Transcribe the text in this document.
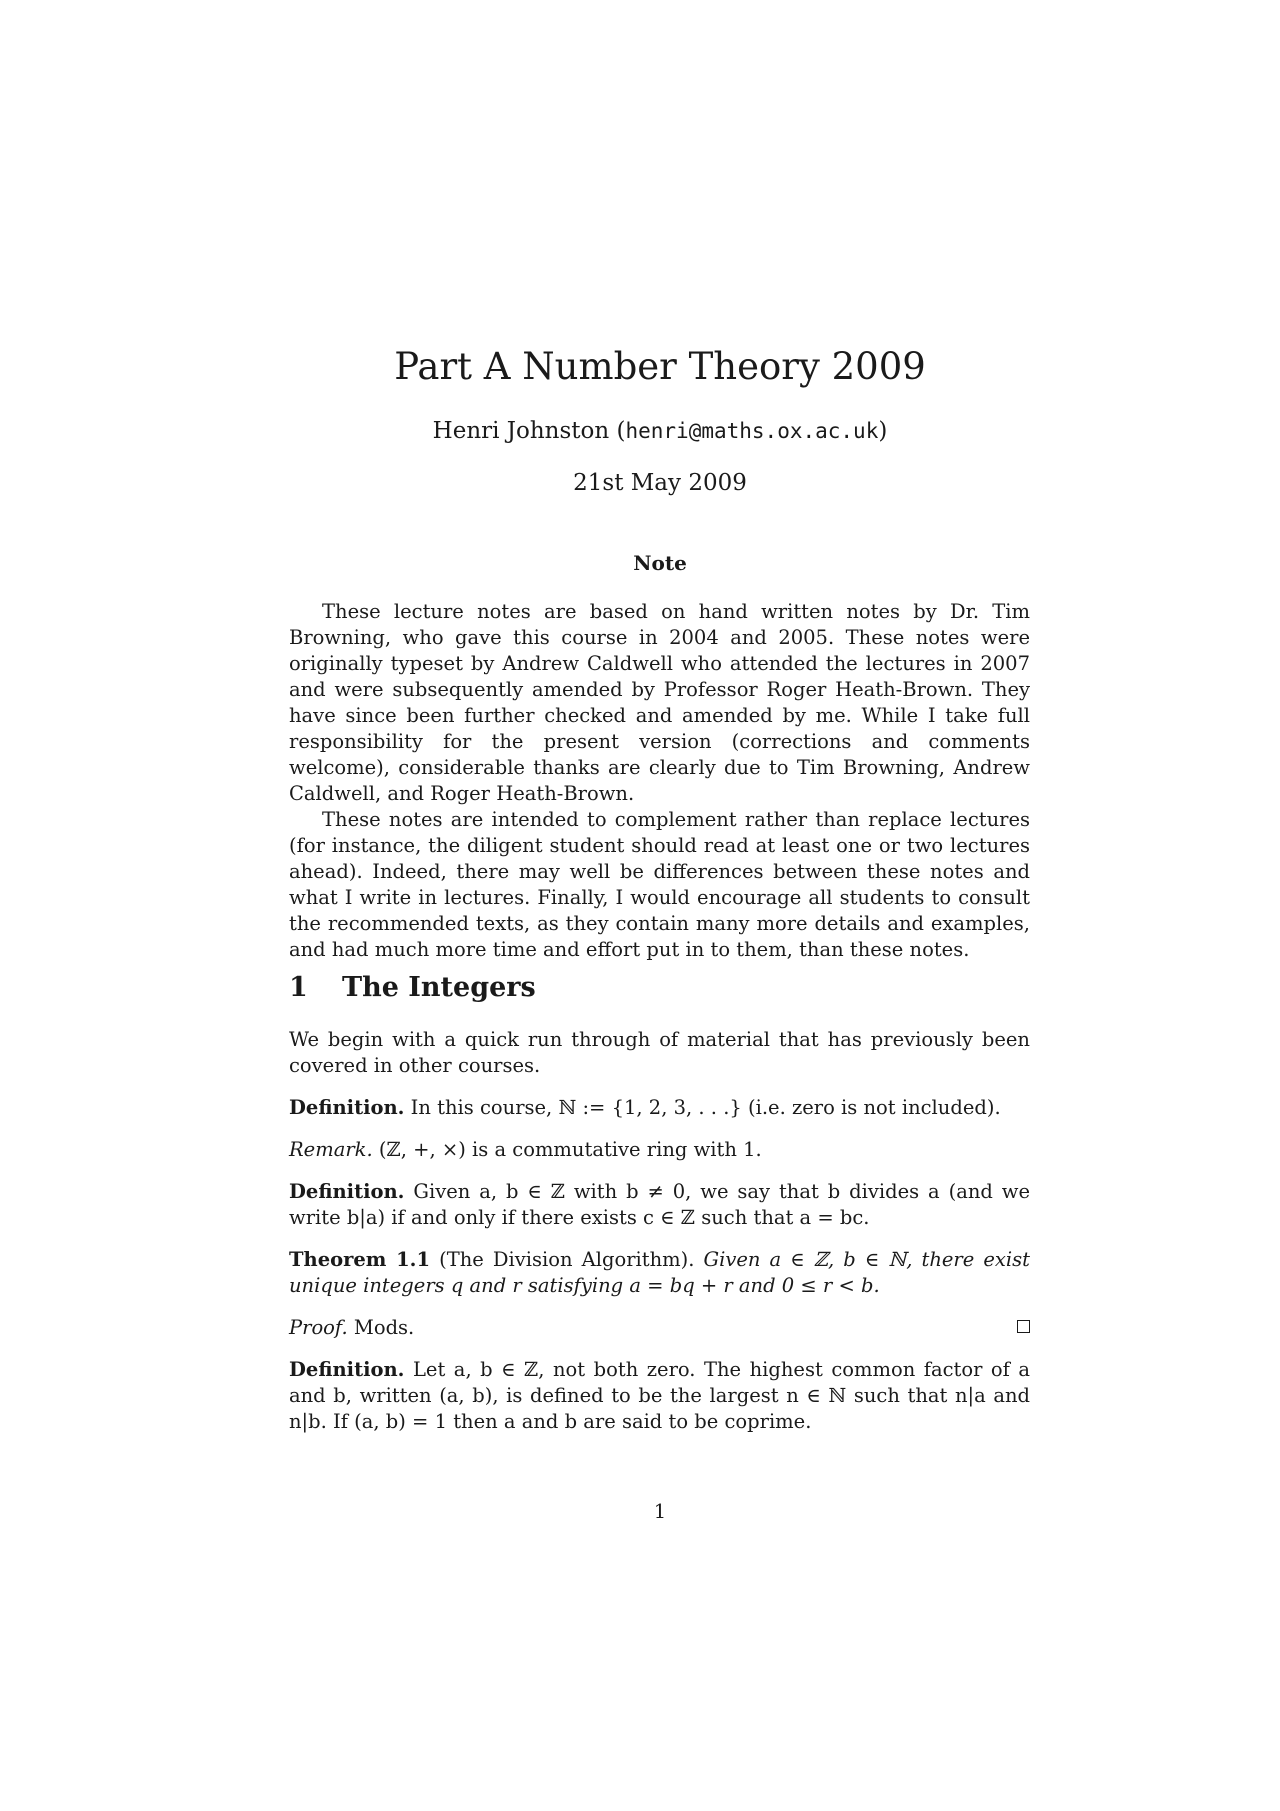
Part A Number Theory 2009
Henri Johnston (henri@maths.ox.ac.uk)
21st May 2009
Note

These lecture notes are based on hand written notes by Dr. Tim Browning, who gave this course in 2004 and 2005. These notes were originally typeset by Andrew Caldwell who attended the lectures in 2007 and were subsequently amended by Professor Roger Heath-Brown. They have since been further checked and amended by me. While I take full responsibility for the present version (corrections and comments welcome), considerable thanks are clearly due to Tim Browning, Andrew Caldwell, and Roger Heath-Brown.

These notes are intended to complement rather than replace lectures (for instance, the diligent student should read at least one or two lectures ahead). Indeed, there may well be differences between these notes and what I write in lectures. Finally, I would encourage all students to consult the recommended texts, as they contain many more details and examples, and had much more time and effort put in to them, than these notes.

1 The Integers

We begin with a quick run through of material that has previously been covered in other courses.

Definition. In this course, ℕ := {1, 2, 3, . . .} (i.e. zero is not included).

Remark. (ℤ, +, ×) is a commutative ring with 1.

Definition. Given a, b ∈ ℤ with b ≠ 0, we say that b divides a (and we write b|a) if and only if there exists c ∈ ℤ such that a = bc.

Theorem 1.1 (The Division Algorithm). Given a ∈ ℤ, b ∈ ℕ, there exist unique integers q and r satisfying a = bq + r and 0 ≤ r < b.

Proof. Mods.

Definition. Let a, b ∈ ℤ, not both zero. The highest common factor of a and b, written (a, b), is defined to be the largest n ∈ ℕ such that n|a and n|b. If (a, b) = 1 then a and b are said to be coprime.

1
